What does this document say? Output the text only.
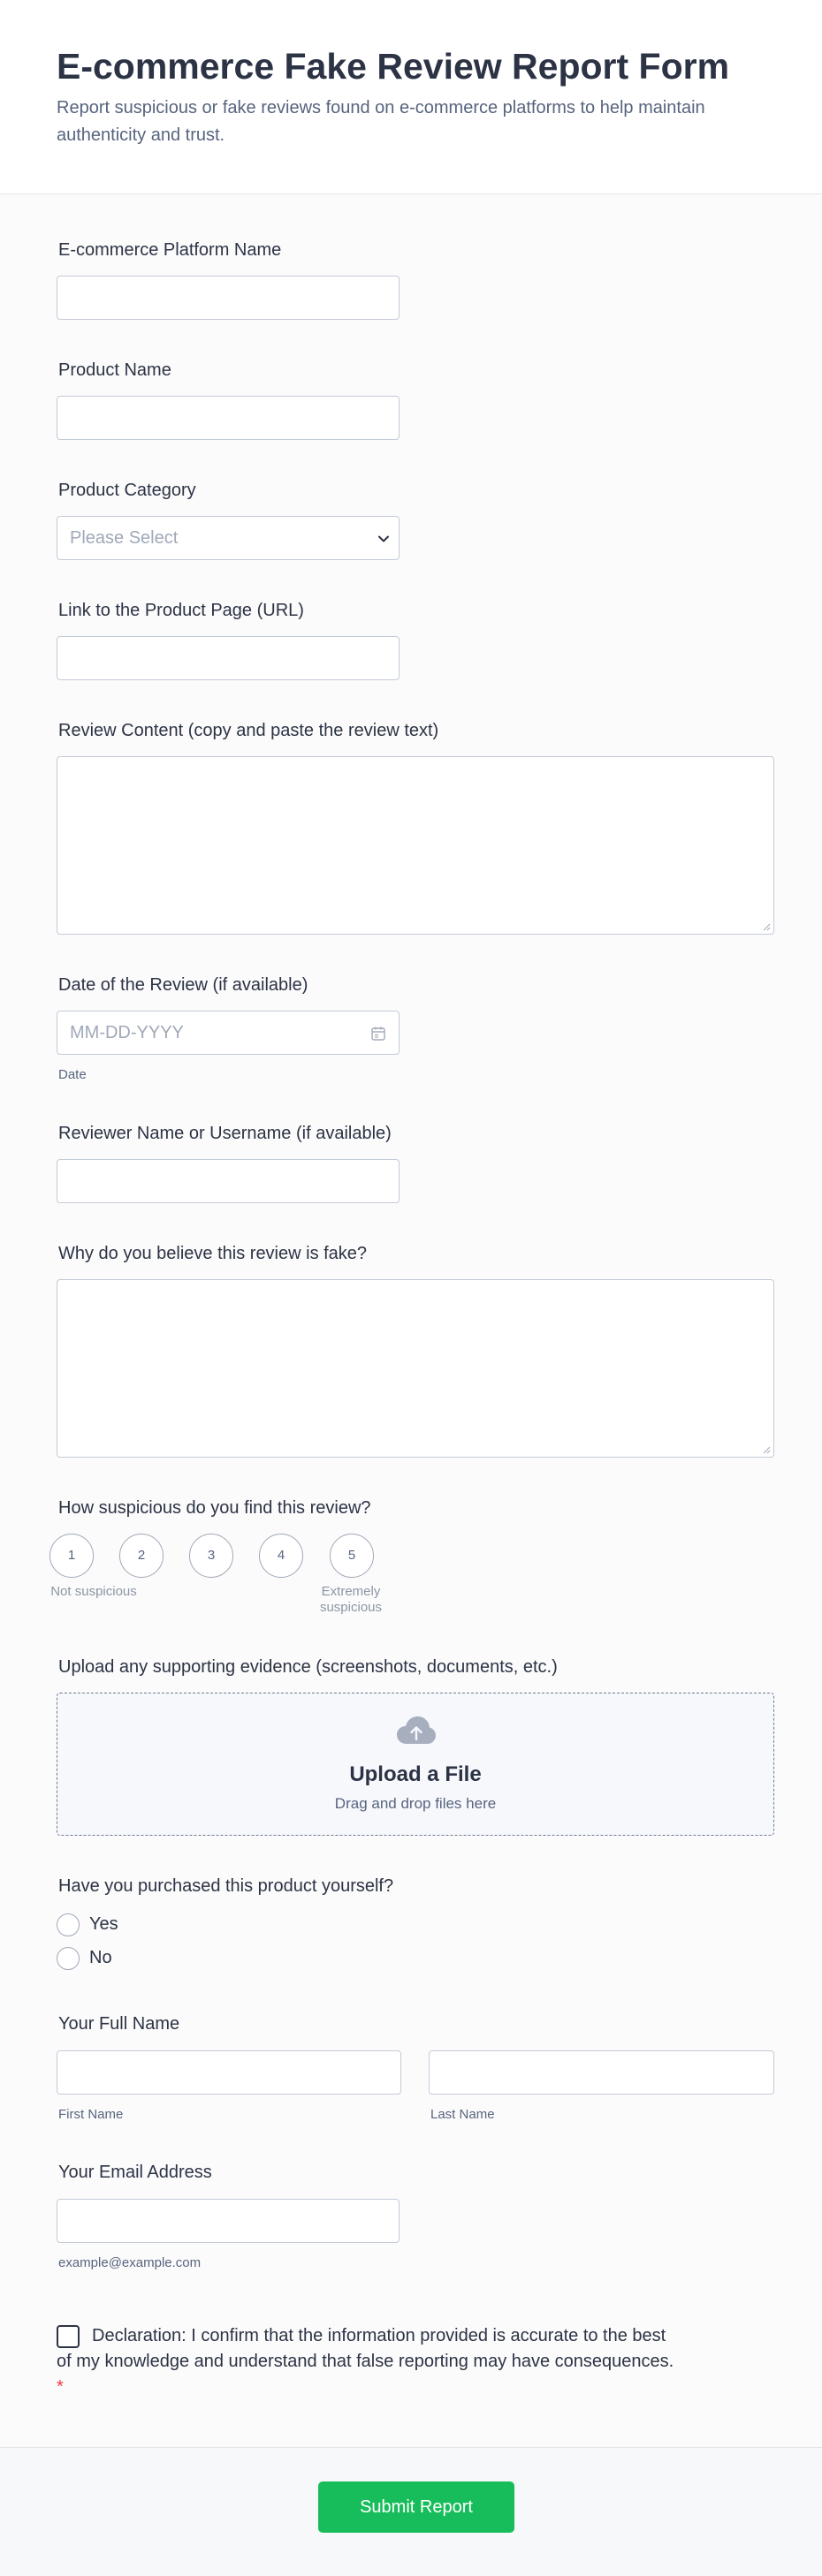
E-commerce Fake Review Report Form
Report suspicious or fake reviews found on e-commerce platforms to help maintain authenticity and trust.
E-commerce Platform Name
Product Name
Product Category
Please Select
Link to the Product Page (URL)
Review Content (copy and paste the review text)
Date of the Review (if available)
MM-DD-YYYY
Date
Reviewer Name or Username (if available)
Why do you believe this review is fake?
How suspicious do you find this review?
1	2	3	4	5
Not suspicious	Extremely suspicious
Upload any supporting evidence (screenshots, documents, etc.)
Upload a File
Drag and drop files here
Have you purchased this product yourself?
Yes
No
Your Full Name
First Name	Last Name
Your Email Address
example@example.com
Declaration: I confirm that the information provided is accurate to the best of my knowledge and understand that false reporting may have consequences. *
Submit Report
